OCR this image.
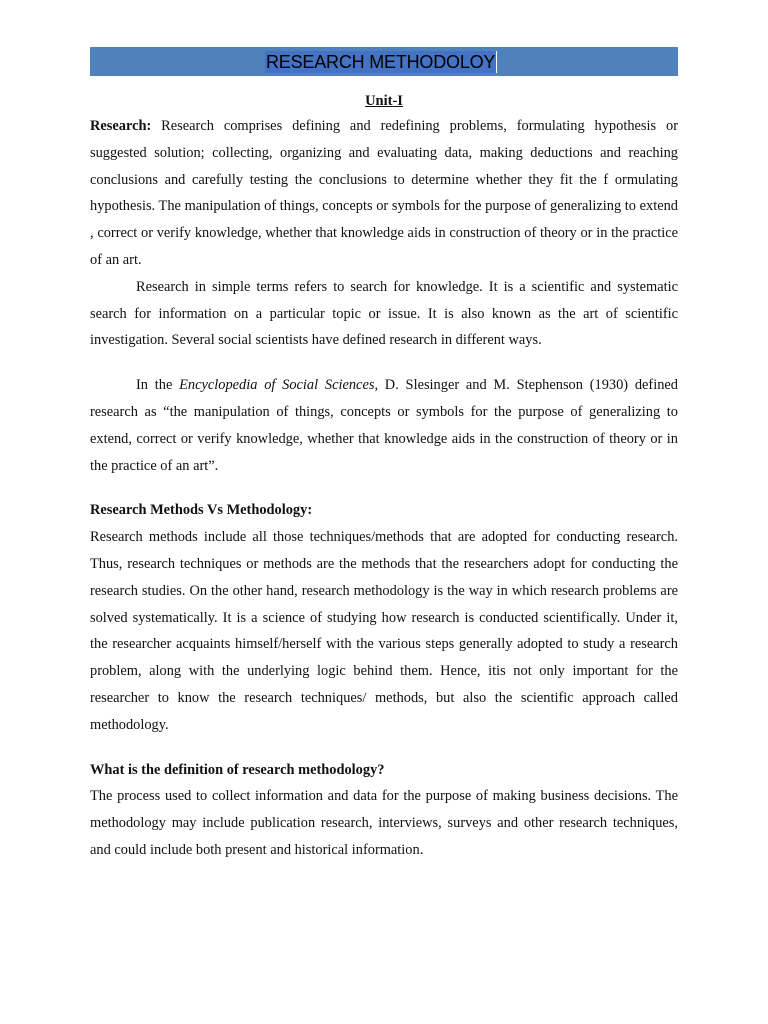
RESEARCH METHODOLOY
Unit-I

Research: Research comprises defining and redefining problems, formulating hypothesis or suggested solution; collecting, organizing and evaluating data, making deductions and reaching conclusions and carefully testing the conclusions to determine whether they fit the f ormulating hypothesis. The manipulation of things, concepts or symbols for the purpose of generalizing to extend , correct or verify knowledge, whether that knowledge aids in construction of theory or in the practice of an art.

Research in simple terms refers to search for knowledge. It is a scientific and systematic search for information on a particular topic or issue. It is also known as the art of scientific investigation. Several social scientists have defined research in different ways.

In the Encyclopedia of Social Sciences, D. Slesinger and M. Stephenson (1930) defined research as “the manipulation of things, concepts or symbols for the purpose of generalizing to extend, correct or verify knowledge, whether that knowledge aids in the construction of theory or in the practice of an art”.

Research Methods Vs Methodology:

Research methods include all those techniques/methods that are adopted for conducting research. Thus, research techniques or methods are the methods that the researchers adopt for conducting the research studies. On the other hand, research methodology is the way in which research problems are solved systematically. It is a science of studying how research is conducted scientifically. Under it, the researcher acquaints himself/herself with the various steps generally adopted to study a research problem, along with the underlying logic behind them. Hence, itis not only important for the researcher to know the research techniques/ methods, but also the scientific approach called methodology.

What is the definition of research methodology?

The process used to collect information and data for the purpose of making business decisions. The methodology may include publication research, interviews, surveys and other research techniques, and could include both present and historical information.
